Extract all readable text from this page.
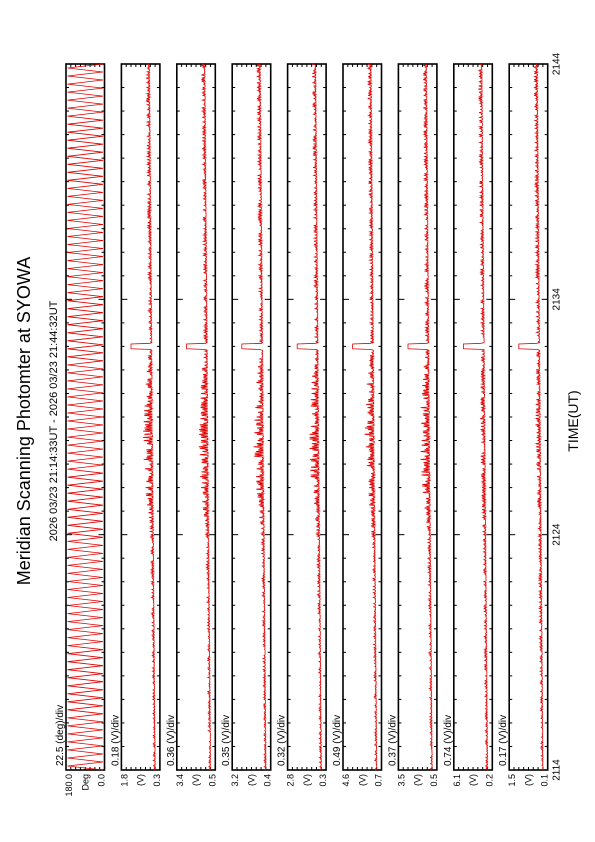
Meridian Scanning Photomter at SYOWA 2026 03/23 21:14:33UT - 2026 03/23 21:44:32UT	TIME(UT)
22.5 (deg)/div
180.0 Deg 0.0
0.18 (V)/div
1.8 (V) 0.3
0.36 (V)/div
3.4 (V) 0.5
0.35 (V)/div
3.2 (V) 0.4
0.32 (V)/div
2.8 (V) 0.3
0.49 (V)/div
4.6 (V) 0.7
0.37 (V)/div
3.5 (V) 0.5
0.74 (V)/div
6.1 (V) 0.2
0.17 (V)/div
1.5 (V) 0.1 2114
2124
2134
2144
